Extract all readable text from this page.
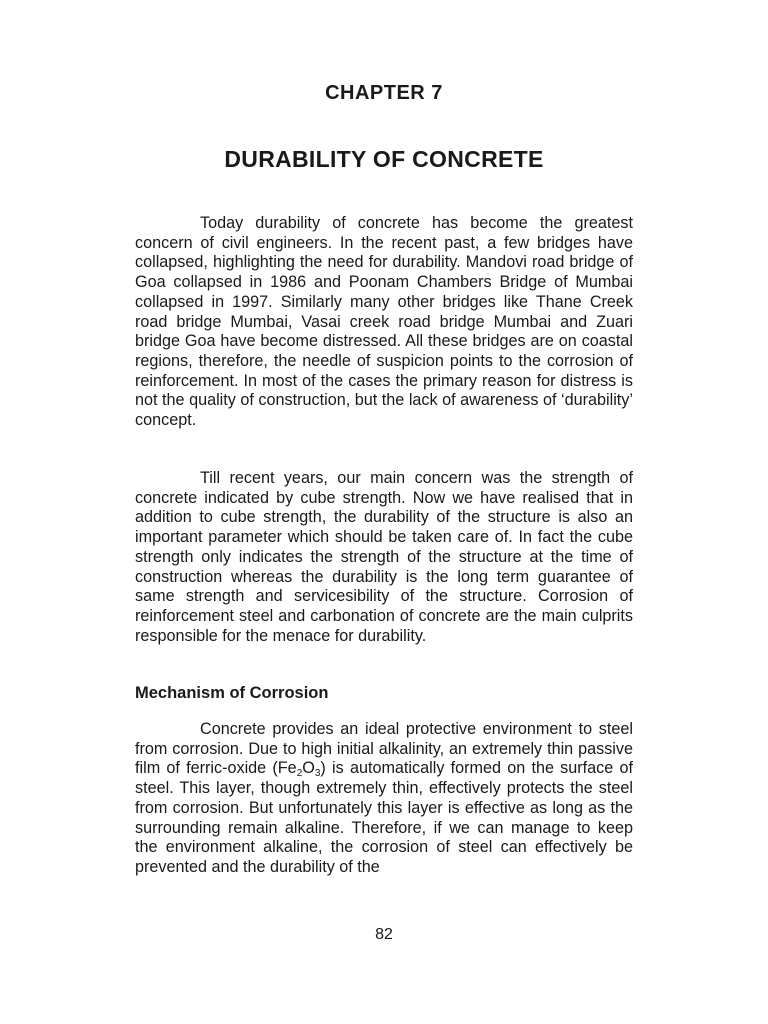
CHAPTER 7
DURABILITY OF CONCRETE

Today durability of concrete has become the greatest concern of civil engineers. In the recent past, a few bridges have collapsed, highlighting the need for durability. Mandovi road bridge of Goa collapsed in 1986 and Poonam Chambers Bridge of Mumbai collapsed in 1997. Similarly many other bridges like Thane Creek road bridge Mumbai, Vasai creek road bridge Mumbai and Zuari bridge Goa have become distressed. All these bridges are on coastal regions, therefore, the needle of suspicion points to the corrosion of reinforcement. In most of the cases the primary reason for distress is not the quality of construction, but the lack of awareness of ‘durability’ concept.

Till recent years, our main concern was the strength of concrete indicated by cube strength. Now we have realised that in addition to cube strength, the durability of the structure is also an important parameter which should be taken care of. In fact the cube strength only indicates the strength of the structure at the time of construction whereas the durability is the long term guarantee of same strength and servicesibility of the structure. Corrosion of reinforcement steel and carbonation of concrete are the main culprits responsible for the menace for durability.

Mechanism of Corrosion

Concrete provides an ideal protective environment to steel from corrosion. Due to high initial alkalinity, an extremely thin passive film of ferric-oxide $(Fe_2O_3)$ is automatically formed on the surface of steel. This layer, though extremely thin, effectively protects the steel from corrosion. But unfortunately this layer is effective as long as the surrounding remain alkaline. Therefore, if we can manage to keep the environment alkaline, the corrosion of steel can effectively be prevented and the durability of the

82
